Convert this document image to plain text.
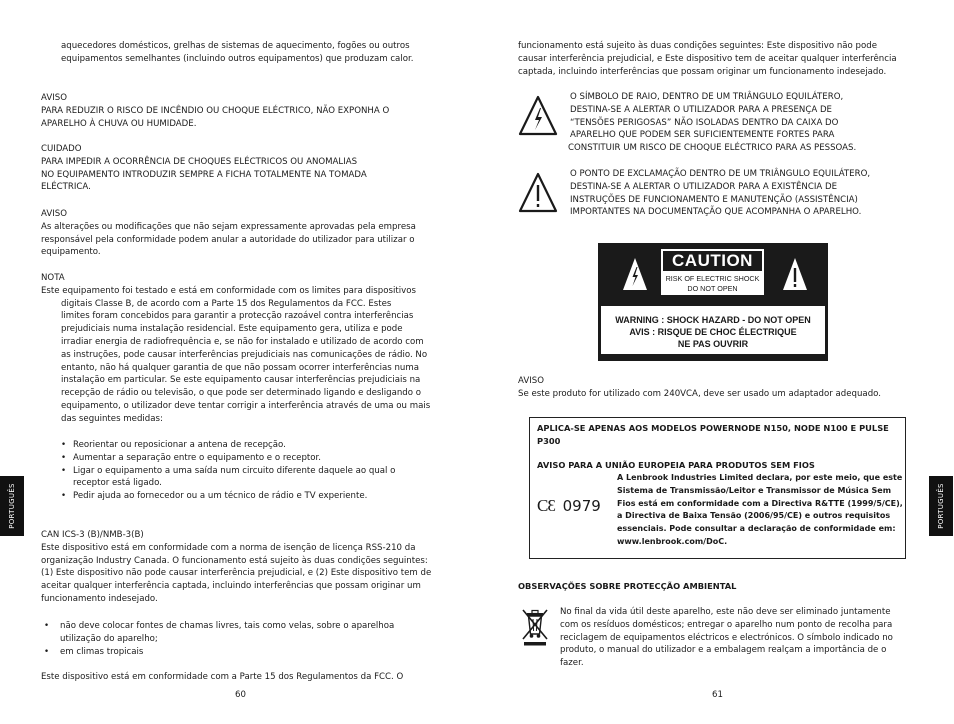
aquecedores domésticos, grelhas de sistemas de aquecimento, fogões ou outros
equipamentos semelhantes (incluindo outros equipamentos) que produzam calor.
AVISO
PARA REDUZIR O RISCO DE INCÊNDIO OU CHOQUE ELÉCTRICO, NÃO EXPONHA O
APARELHO À CHUVA OU HUMIDADE.
CUIDADO
PARA IMPEDIR A OCORRÊNCIA DE CHOQUES ELÉCTRICOS OU ANOMALIAS
NO EQUIPAMENTO INTRODUZIR SEMPRE A FICHA TOTALMENTE NA TOMADA
ELÉCTRICA.
AVISO
As alterações ou modificações que não sejam expressamente aprovadas pela empresa
responsável pela conformidade podem anular a autoridade do utilizador para utilizar o
equipamento.
NOTA
Este equipamento foi testado e está em conformidade com os limites para dispositivos
digitais Classe B, de acordo com a Parte 15 dos Regulamentos da FCC. Estes
limites foram concebidos para garantir a protecção razoável contra interferências
prejudiciais numa instalação residencial. Este equipamento gera, utiliza e pode
irradiar energia de radiofrequência e, se não for instalado e utilizado de acordo com
as instruções, pode causar interferências prejudiciais nas comunicações de rádio. No
entanto, não há qualquer garantia de que não possam ocorrer interferências numa
instalação em particular. Se este equipamento causar interferências prejudiciais na
recepção de rádio ou televisão, o que pode ser determinado ligando e desligando o
equipamento, o utilizador deve tentar corrigir a interferência através de uma ou mais
das seguintes medidas:
• Reorientar ou reposicionar a antena de recepção.
• Aumentar a separação entre o equipamento e o receptor.
• Ligar o equipamento a uma saída num circuito diferente daquele ao qual o
receptor está ligado.
• Pedir ajuda ao fornecedor ou a um técnico de rádio e TV experiente.
CAN ICS-3 (B)/NMB-3(B)
Este dispositivo está em conformidade com a norma de isenção de licença RSS-210 da
organização Industry Canada. O funcionamento está sujeito às duas condições seguintes:
(1) Este dispositivo não pode causar interferência prejudicial, e (2) Este dispositivo tem de
aceitar qualquer interferência captada, incluindo interferências que possam originar um
funcionamento indesejado.
• não deve colocar fontes de chamas livres, tais como velas, sobre o aparelhoa
utilização do aparelho;
• em climas tropicais
Este dispositivo está em conformidade com a Parte 15 dos Regulamentos da FCC. O
60
PORTUGUÊS
funcionamento está sujeito às duas condições seguintes: Este dispositivo não pode
causar interferência prejudicial, e Este dispositivo tem de aceitar qualquer interferência
captada, incluindo interferências que possam originar um funcionamento indesejado.
O SÍMBOLO DE RAIO, DENTRO DE UM TRIÂNGULO EQUILÁTERO,
DESTINA-SE A ALERTAR O UTILIZADOR PARA A PRESENÇA DE
“TENSÕES PERIGOSAS” NÃO ISOLADAS DENTRO DA CAIXA DO
APARELHO QUE PODEM SER SUFICIENTEMENTE FORTES PARA
CONSTITUIR UM RISCO DE CHOQUE ELÉCTRICO PARA AS PESSOAS.
O PONTO DE EXCLAMAÇÃO DENTRO DE UM TRIÂNGULO EQUILÁTERO,
DESTINA-SE A ALERTAR O UTILIZADOR PARA A EXISTÊNCIA DE
INSTRUÇÕES DE FUNCIONAMENTO E MANUTENÇÃO (ASSISTÊNCIA)
IMPORTANTES NA DOCUMENTAÇÃO QUE ACOMPANHA O APARELHO.
CAUTION
RISK OF ELECTRIC SHOCK
DO NOT OPEN
WARNING : SHOCK HAZARD - DO NOT OPEN
AVIS : RISQUE DE CHOC ÉLECTRIQUE
NE PAS OUVRIR
AVISO
Se este produto for utilizado com 240VCA, deve ser usado um adaptador adequado.
APLICA-SE APENAS AOS MODELOS POWERNODE N150, NODE N100 E PULSE
P300
AVISO PARA A UNIÃO EUROPEIA PARA PRODUTOS SEM FIOS
CƐ 0979
A Lenbrook Industries Limited declara, por este meio, que este
Sistema de Transmissão/Leitor e Transmissor de Música Sem
Fios está em conformidade com a Directiva R&TTE (1999/5/CE),
a Directiva de Baixa Tensão (2006/95/CE) e outros requisitos
essenciais. Pode consultar a declaração de conformidade em:
www.lenbrook.com/DoC.
OBSERVAÇÕES SOBRE PROTECÇÃO AMBIENTAL
No final da vida útil deste aparelho, este não deve ser eliminado juntamente
com os resíduos domésticos; entregar o aparelho num ponto de recolha para
reciclagem de equipamentos eléctricos e electrónicos. O símbolo indicado no
produto, o manual do utilizador e a embalagem realçam a importância de o
fazer.
61
PORTUGUÊS
